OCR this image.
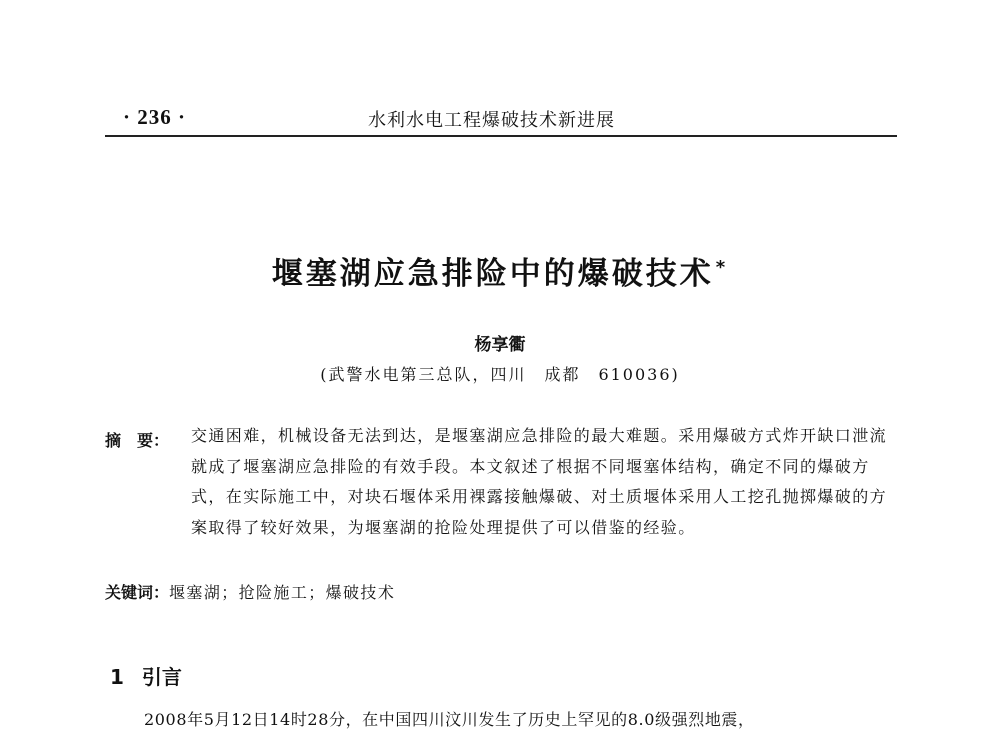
· 236 ·	水利水电工程爆破技术新进展
堰塞湖应急排险中的爆破技术 *
杨享衢
(武警水电第三总队，四川　成都　610036)
摘  要： 交通困难，机械设备无法到达，是堰塞湖应急排险的最大难题。采用爆破方式炸开缺口泄流就成了堰塞湖应急排险的有效手段。本文叙述了根据不同堰塞体结构，确定不同的爆破方式，在实际施工中，对块石堰体采用裸露接触爆破、对土质堰体采用人工挖孔抛掷爆破的方案取得了较好效果，为堰塞湖的抢险处理提供了可以借鉴的经验。
关键词：堰塞湖；抢险施工；爆破技术
1 引言
2008年5月12日14时28分，在中国四川汶川发生了历史上罕见的8.0级强烈地震，
